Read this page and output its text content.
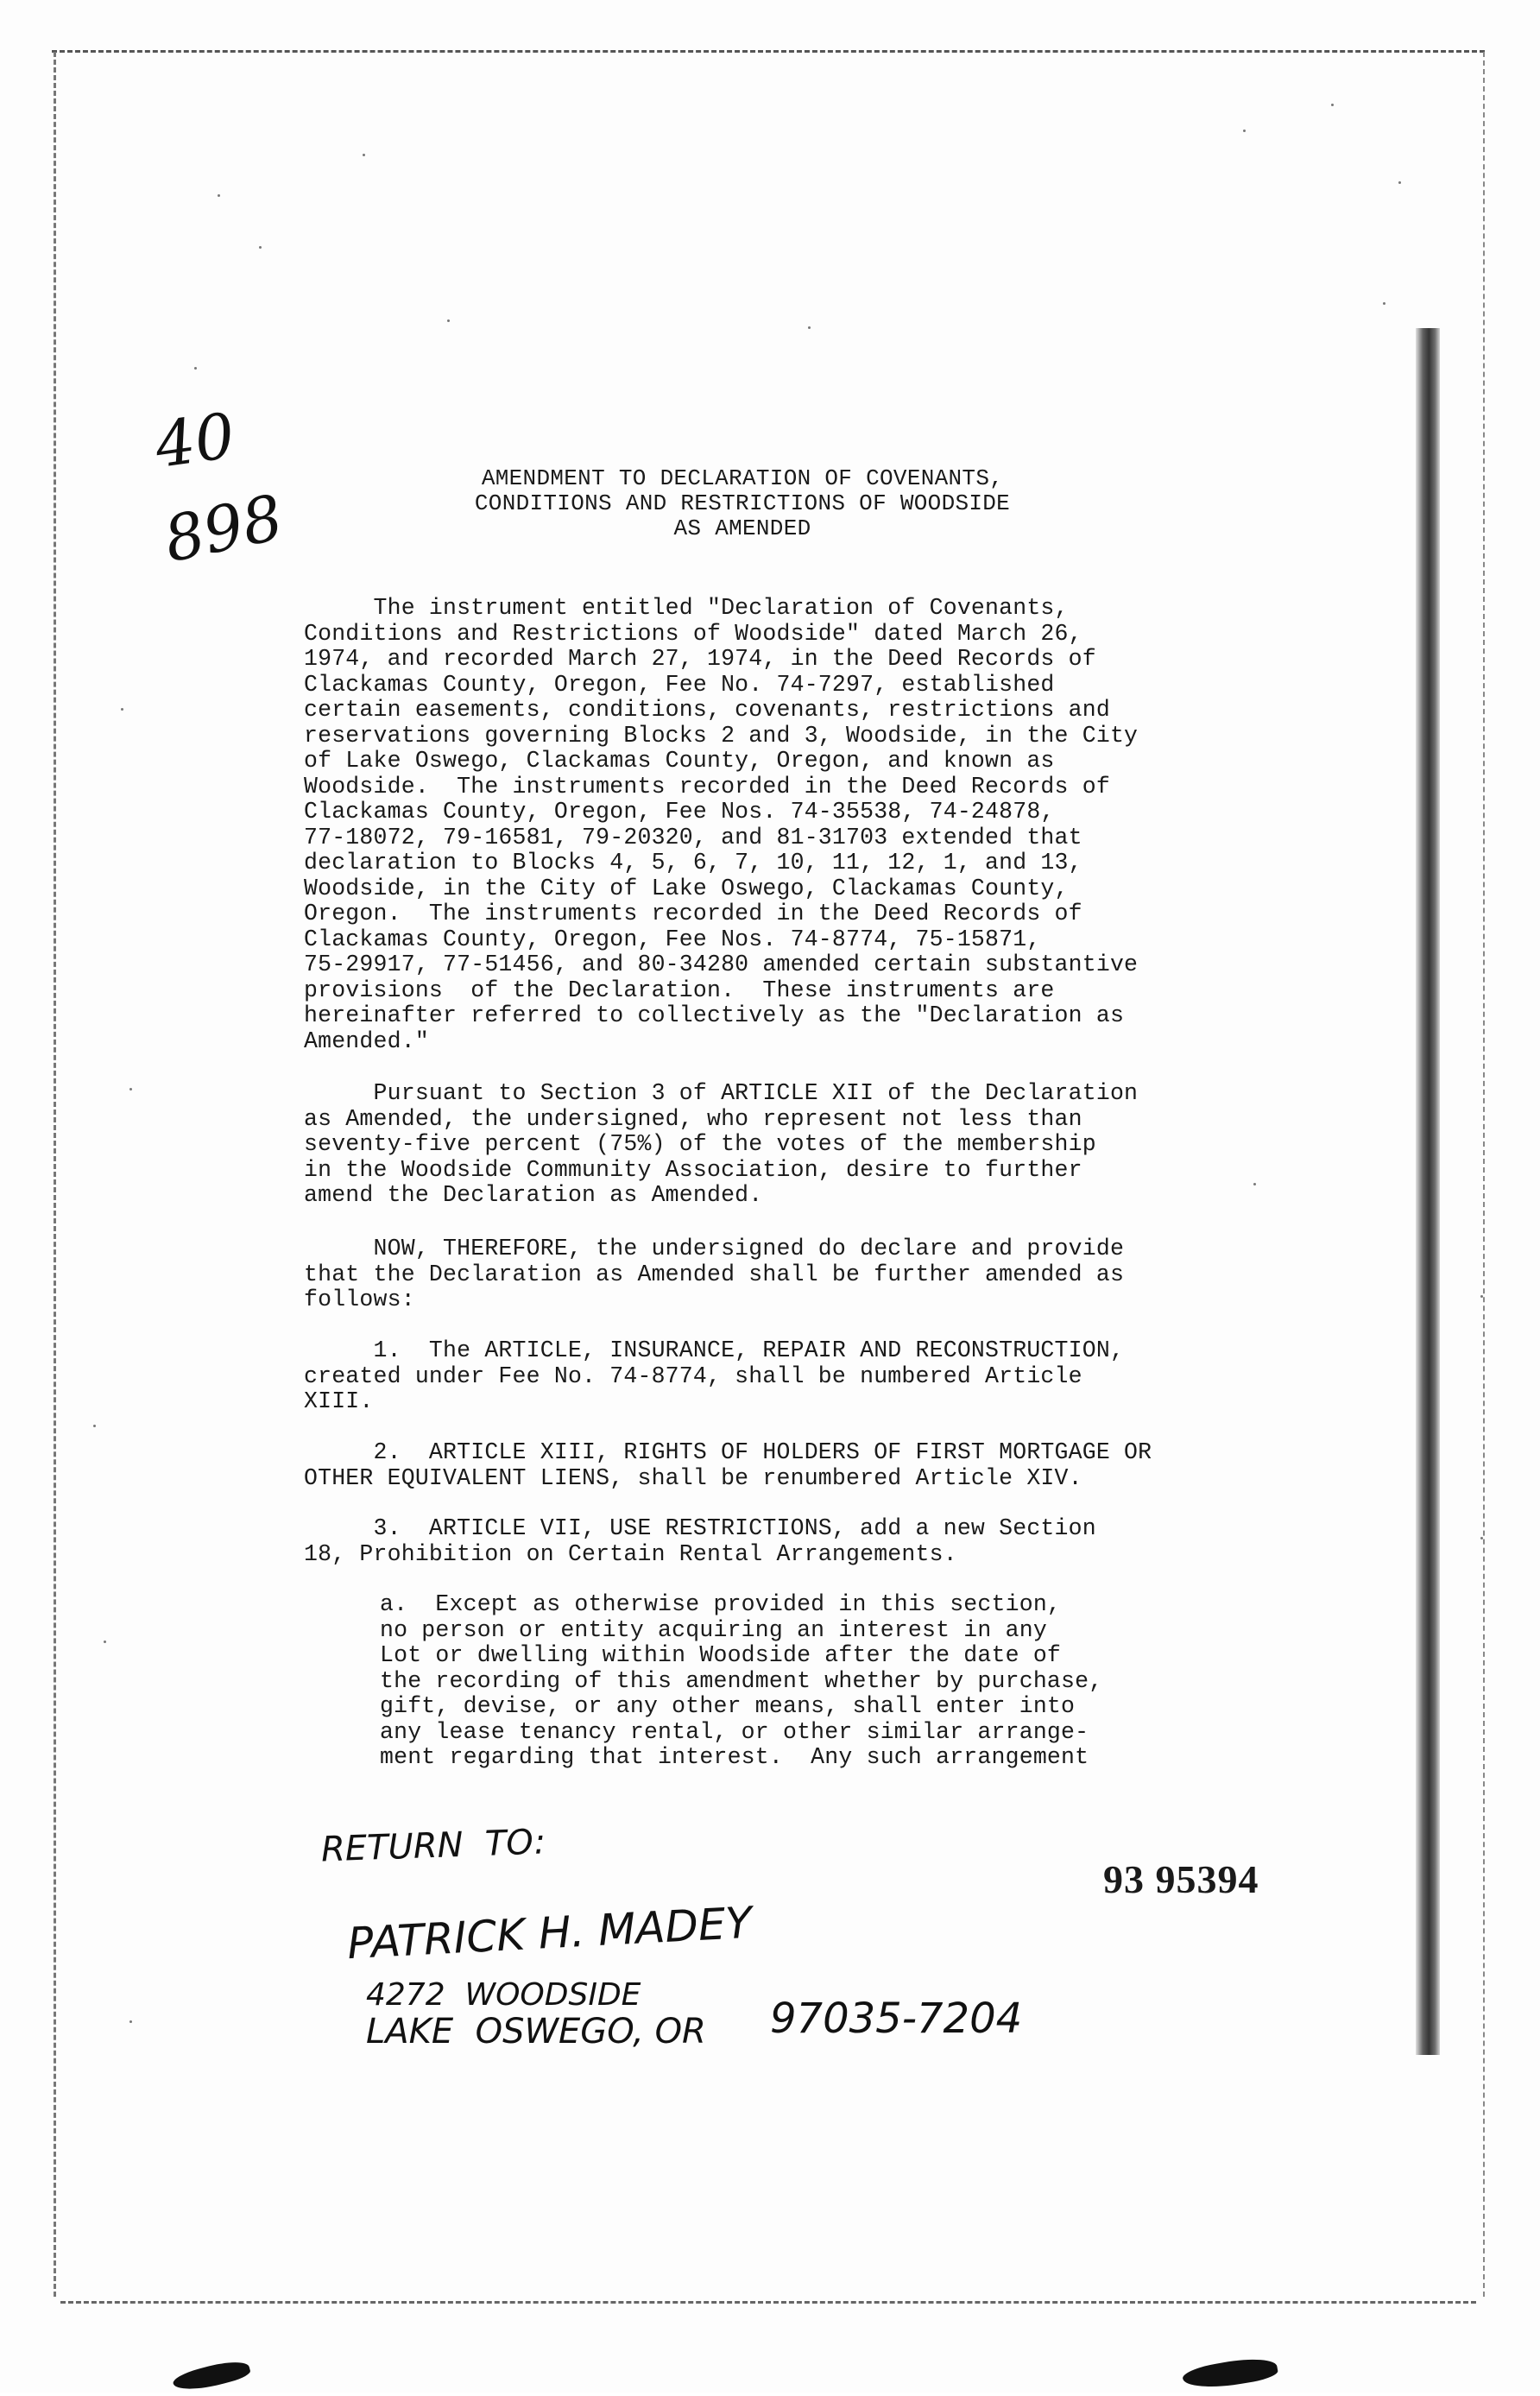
40
898
AMENDMENT TO DECLARATION OF COVENANTS,
CONDITIONS AND RESTRICTIONS OF WOODSIDE
AS AMENDED
The instrument entitled "Declaration of Covenants,
Conditions and Restrictions of Woodside" dated March 26,
1974, and recorded March 27, 1974, in the Deed Records of
Clackamas County, Oregon, Fee No. 74-7297, established
certain easements, conditions, covenants, restrictions and
reservations governing Blocks 2 and 3, Woodside, in the City
of Lake Oswego, Clackamas County, Oregon, and known as
Woodside.  The instruments recorded in the Deed Records of
Clackamas County, Oregon, Fee Nos. 74-35538, 74-24878,
77-18072, 79-16581, 79-20320, and 81-31703 extended that
declaration to Blocks 4, 5, 6, 7, 10, 11, 12, 1, and 13,
Woodside, in the City of Lake Oswego, Clackamas County,
Oregon.  The instruments recorded in the Deed Records of
Clackamas County, Oregon, Fee Nos. 74-8774, 75-15871,
75-29917, 77-51456, and 80-34280 amended certain substantive
provisions  of the Declaration.  These instruments are
hereinafter referred to collectively as the "Declaration as
Amended."
Pursuant to Section 3 of ARTICLE XII of the Declaration
as Amended, the undersigned, who represent not less than
seventy-five percent (75%) of the votes of the membership
in the Woodside Community Association, desire to further
amend the Declaration as Amended.
NOW, THEREFORE, the undersigned do declare and provide
that the Declaration as Amended shall be further amended as
follows:
1.  The ARTICLE, INSURANCE, REPAIR AND RECONSTRUCTION,
created under Fee No. 74-8774, shall be numbered Article
XIII.
2.  ARTICLE XIII, RIGHTS OF HOLDERS OF FIRST MORTGAGE OR
OTHER EQUIVALENT LIENS, shall be renumbered Article XIV.
3.  ARTICLE VII, USE RESTRICTIONS, add a new Section
18, Prohibition on Certain Rental Arrangements.
a.  Except as otherwise provided in this section,
no person or entity acquiring an interest in any
Lot or dwelling within Woodside after the date of
the recording of this amendment whether by purchase,
gift, devise, or any other means, shall enter into
any lease tenancy rental, or other similar arrange-
ment regarding that interest.  Any such arrangement
93 95394
RETURN  TO:
PATRICK H. MADEY
4272  WOODSIDE
LAKE  OSWEGO, OR 97035-7204
